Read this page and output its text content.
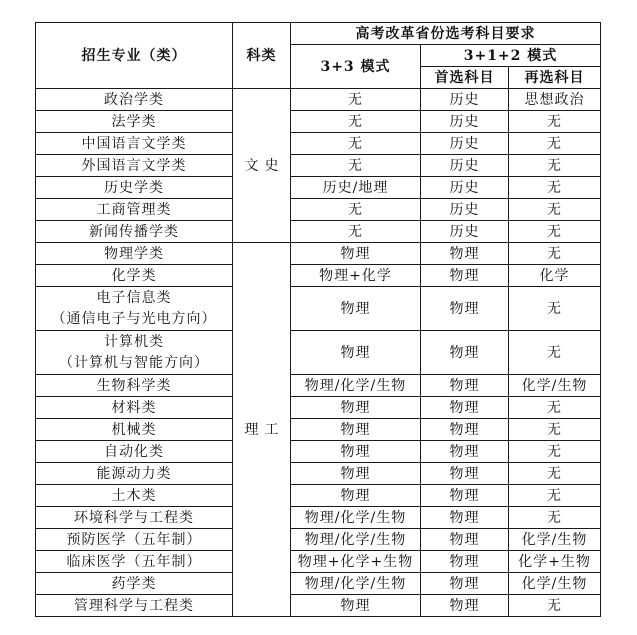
招生专业（类）	科类	高考改革省份选考科目要求		
		3+3 模式	3+1+2 模式	
			首选科目	再选科目
政治学类	文史	无	历史	思想政治
法学类		无	历史	无
中国语言文学类		无	历史	无
外国语言文学类		无	历史	无
历史学类		历史/地理	历史	无
工商管理类		无	历史	无
新闻传播学类		无	历史	无
物理学类	理工	物理	物理	无
化学类		物理+化学	物理	化学

电子信息类
（通信电子与光电方向）		物理	物理	无

计算机类
（计算机与智能方向）		物理	物理	无
生物科学类		物理/化学/生物	物理	化学/生物
材料类		物理	物理	无
机械类		物理	物理	无
自动化类		物理	物理	无
能源动力类		物理	物理	无
土木类		物理	物理	无
环境科学与工程类		物理/化学/生物	物理	无
预防医学（五年制）		物理/化学/生物	物理	化学/生物
临床医学（五年制）		物理+化学+生物	物理	化学+生物
药学类		物理/化学/生物	物理	化学/生物
管理科学与工程类		物理	物理	无
